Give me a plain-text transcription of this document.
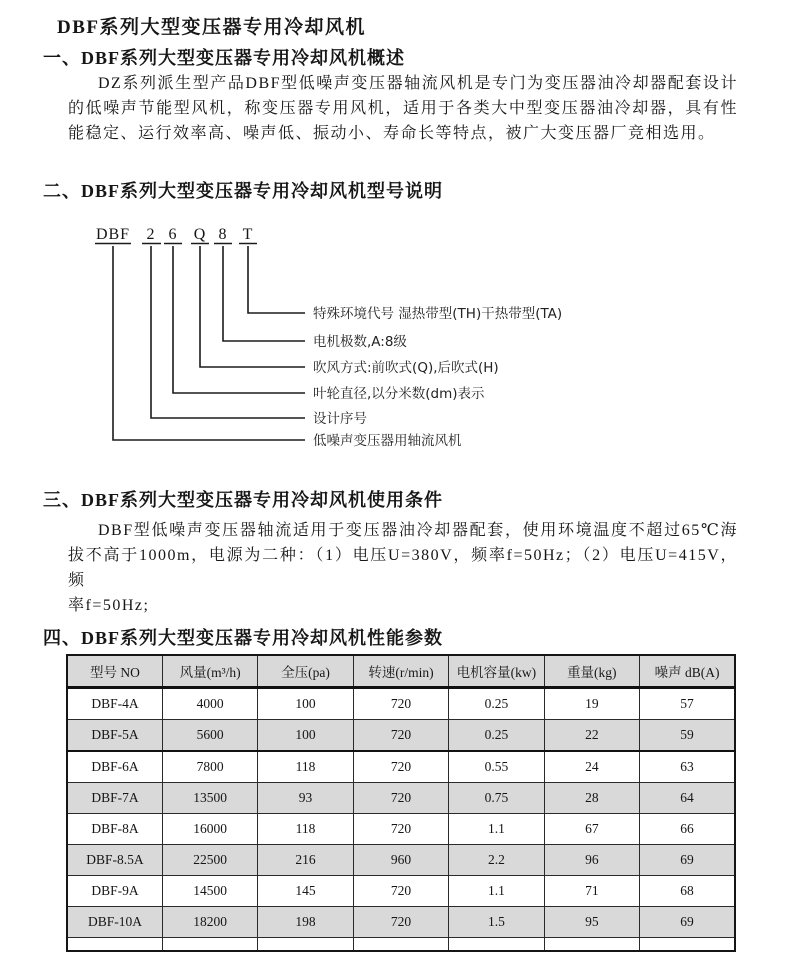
DBF系列大型变压器专用冷却风机
一、DBF系列大型变压器专用冷却风机概述
DZ系列派生型产品DBF型低噪声变压器轴流风机是专门为变压器油冷却器配套设计
的低噪声节能型风机，称变压器专用风机，适用于各类大中型变压器油冷却器，具有性
能稳定、运行效率高、噪声低、振动小、寿命长等特点，被广大变压器厂竞相选用。
二、DBF系列大型变压器专用冷却风机型号说明
DBF 2 6 Q 8 T
特殊环境代号 湿热带型(TH)干热带型(TA)
电机极数,A:8级
吹风方式:前吹式(Q),后吹式(H)
叶轮直径,以分米数(dm)表示
设计序号
低噪声变压器用轴流风机
三、DBF系列大型变压器专用冷却风机使用条件
DBF型低噪声变压器轴流适用于变压器油冷却器配套，使用环境温度不超过65℃海
拔不高于1000m，电源为二种：（1）电压U=380V，频率f=50Hz；（2）电压U=415V，频
率f=50Hz;
四、DBF系列大型变压器专用冷却风机性能参数
型号 NO	风量(m³/h)	全压(pa)	转速(r/min)	电机容量(kw)	重量(kg)	噪声 dB(A)
DBF-4A	4000	100	720	0.25	19	57
DBF-5A	5600	100	720	0.25	22	59
DBF-6A	7800	118	720	0.55	24	63
DBF-7A	13500	93	720	0.75	28	64
DBF-8A	16000	118	720	1.1	67	66
DBF-8.5A	22500	216	960	2.2	96	69
DBF-9A	14500	145	720	1.1	71	68
DBF-10A	18200	198	720	1.5	95	69
